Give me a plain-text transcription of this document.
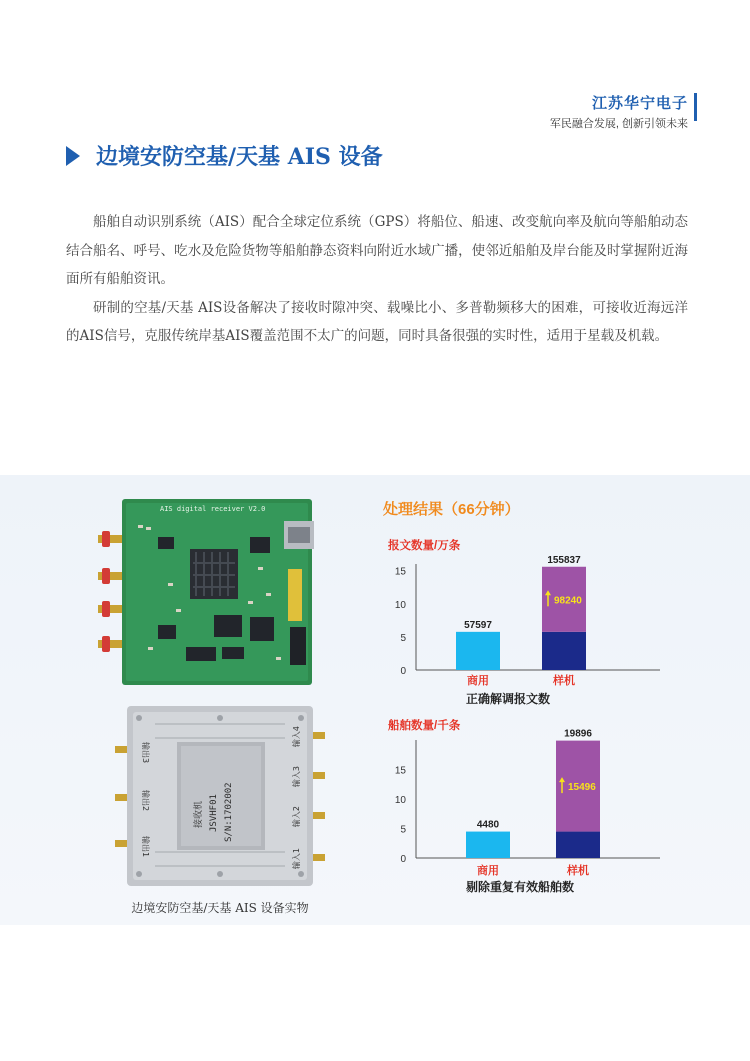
江苏华宁电子
军民融合发展, 创新引领未来
边境安防空基/天基 AIS 设备

船舶自动识别系统（AIS）配合全球定位系统（GPS）将船位、船速、改变航向率及航向等船舶动态结合船名、呼号、吃水及危险货物等船舶静态资料向附近水域广播，使邻近船舶及岸台能及时掌握附近海面所有船舶资讯。

研制的空基/天基 AIS设备解决了接收时隙冲突、载噪比小、多普勒频移大的困难，可接收近海远洋的AIS信号，克服传统岸基AIS覆盖范围不太广的问题，同时具备很强的实时性，适用于星载及机载。

AIS digital receiver V2.0
接收机 JSVHF01 S/N:1702002
输出3
输出2
输出1
输入4
输入3
输入2
输入1
边境安防空基/天基 AIS 设备实物
处理结果（66分钟）
报文数量/万条
0
5
10
15
57597
155837
98240
商用	样机
正确解调报文数
船舶数量/千条
0
5
10
15
4480
19896
15496
商用	样机
剔除重复有效船舶数
